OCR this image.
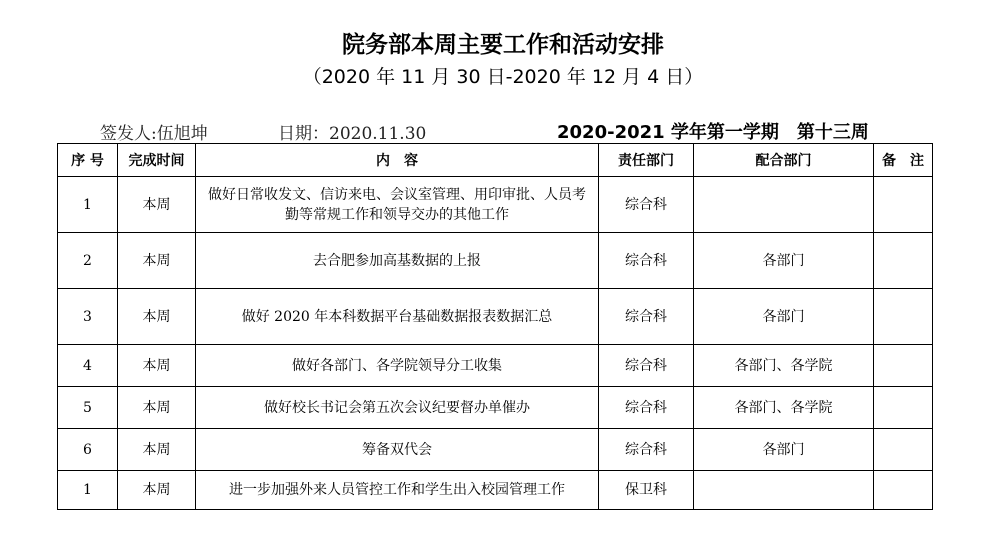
院务部本周主要工作和活动安排
（2020 年 11 月 30 日-2020 年 12 月 4 日）
签发人:伍旭坤	日期：2020.11.30	2020-2021 学年第一学期　第十三周
序 号	完成时间	内　容	责任部门	配合部门	备　注
1	本周	做好日常收发文、信访来电、会议室管理、用印审批、人员考勤等常规工作和领导交办的其他工作	综合科		
2	本周	去合肥参加高基数据的上报	综合科	各部门	
3	本周	做好 2020 年本科数据平台基础数据报表数据汇总	综合科	各部门	
4	本周	做好各部门、各学院领导分工收集	综合科	各部门、各学院	
5	本周	做好校长书记会第五次会议纪要督办单催办	综合科	各部门、各学院	
6	本周	筹备双代会	综合科	各部门	
1	本周	进一步加强外来人员管控工作和学生出入校园管理工作	保卫科		
